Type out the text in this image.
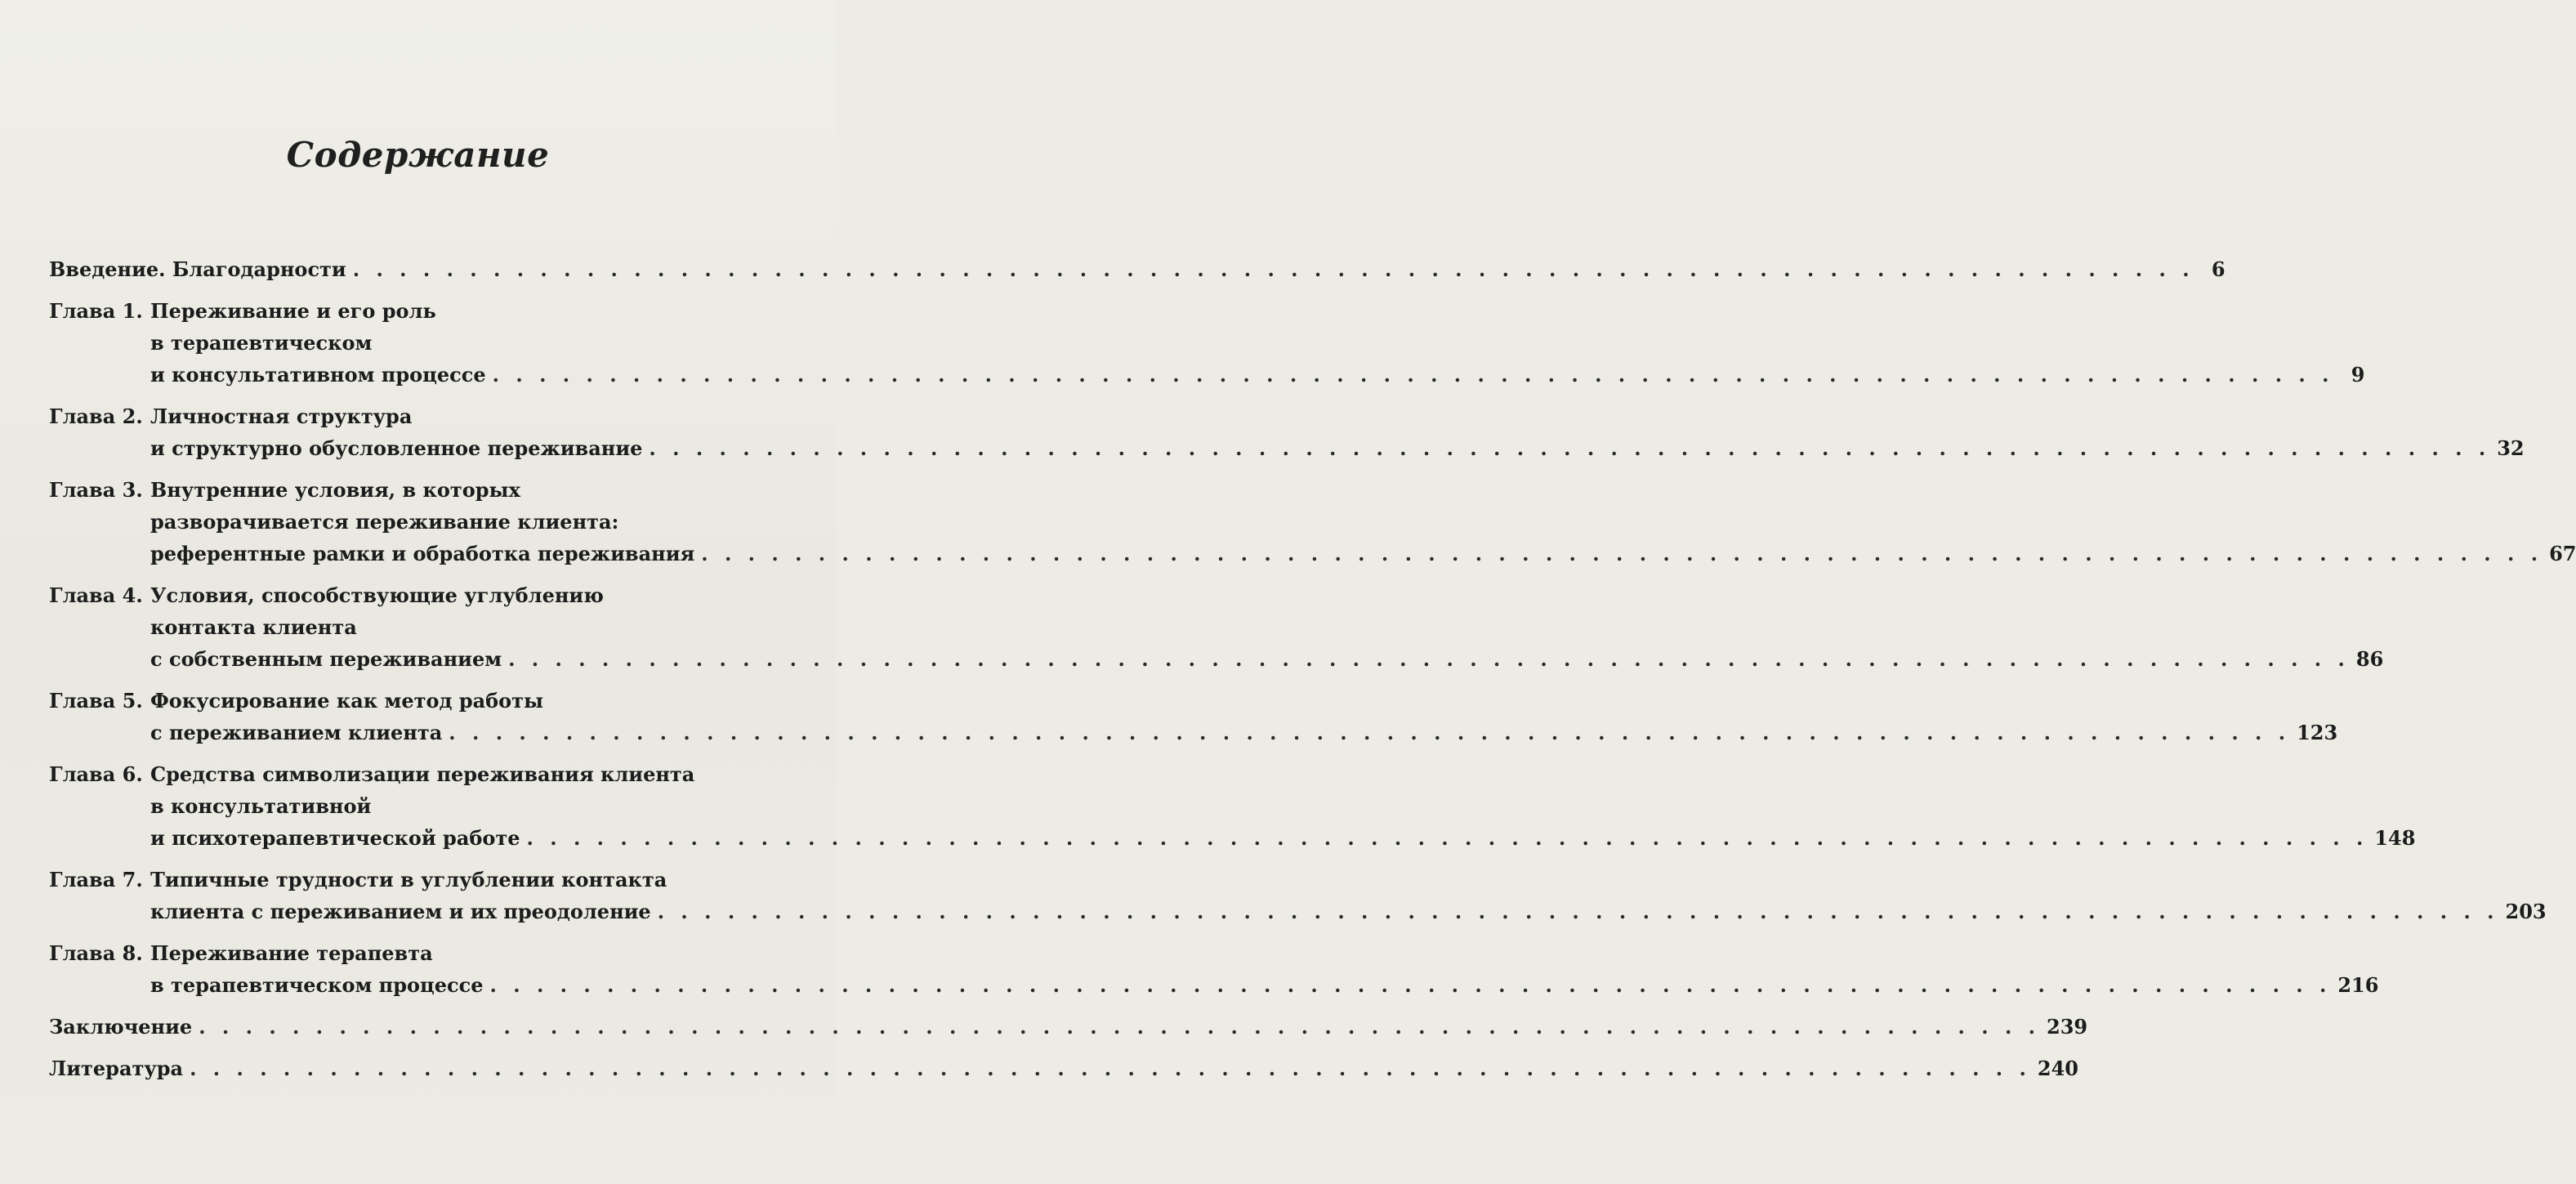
Содержание
Введение. Благодарности . . .	6
Глава 1. Переживание и его роль
в терапевтическом
и консультативном процессе . . .	9
Глава 2. Личностная структура
и структурно обусловленное переживание . . .	32
Глава 3. Внутренние условия, в которых
разворачивается переживание клиента:
референтные рамки и обработка переживания . . .	67
Глава 4. Условия, способствующие углублению
контакта клиента
с собственным переживанием . . .	86
Глава 5. Фокусирование как метод работы
с переживанием клиента . . .	123
Глава 6. Средства символизации переживания клиента
в консультативной
и психотерапевтической работе . . .	148
Глава 7. Типичные трудности в углублении контакта
клиента с переживанием и их преодоление . . .	203
Глава 8. Переживание терапевта
в терапевтическом процессе . . .	216
Заключение . . .	239
Литература . . .	240
